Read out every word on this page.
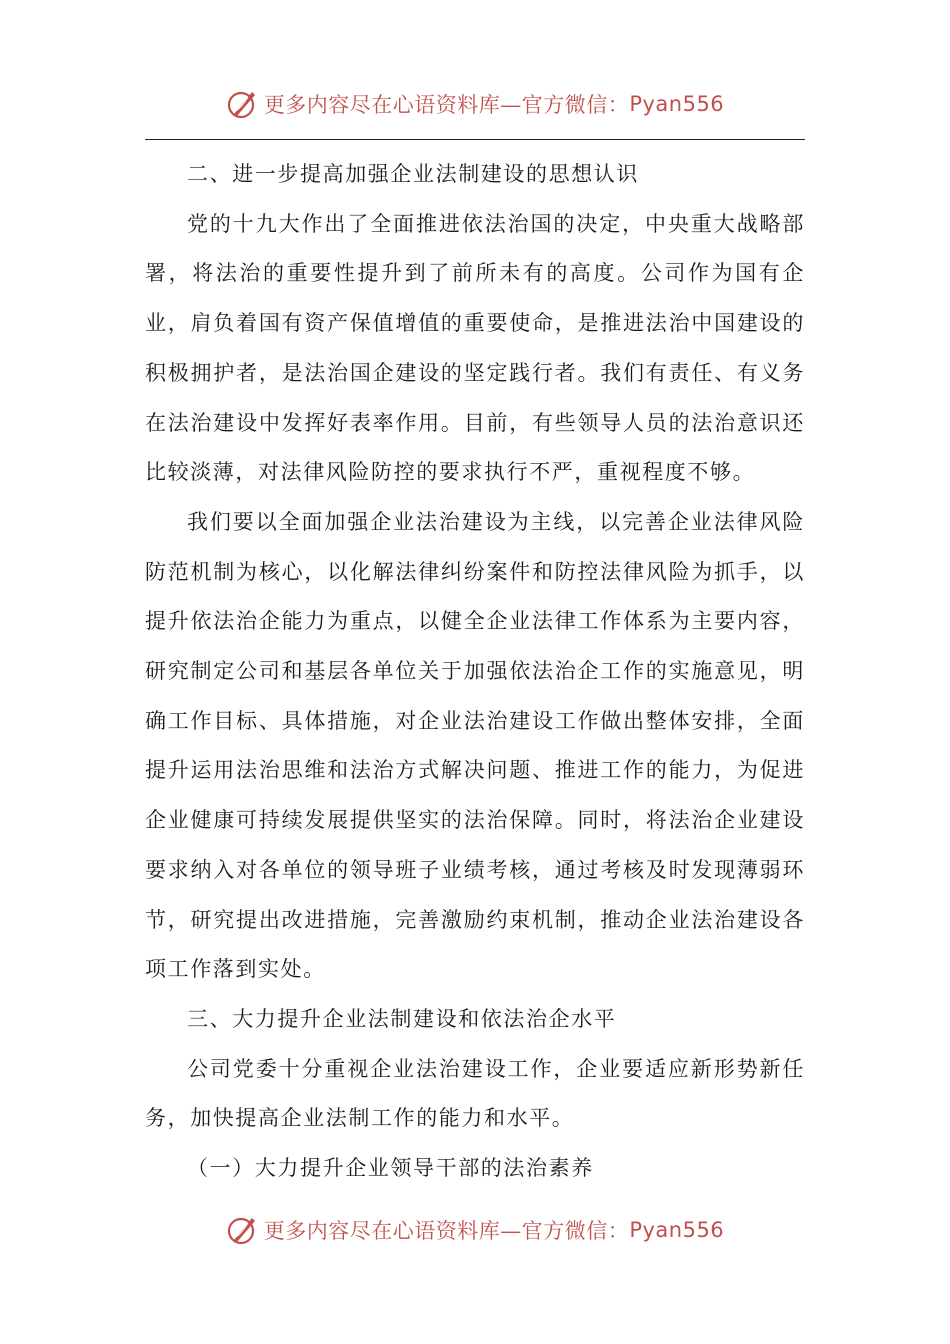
更多内容尽在心语资料库—官方微信： Pyan556

二、进一步提高加强企业法制建设的思想认识

党的十九大作出了全面推进依法治国的决定，中央重大战略部署，将法治的重要性提升到了前所未有的高度。公司作为国有企业，肩负着国有资产保值增值的重要使命，是推进法治中国建设的积极拥护者，是法治国企建设的坚定践行者。我们有责任、有义务在法治建设中发挥好表率作用。目前，有些领导人员的法治意识还比较淡薄，对法律风险防控的要求执行不严，重视程度不够。

我们要以全面加强企业法治建设为主线，以完善企业法律风险防范机制为核心，以化解法律纠纷案件和防控法律风险为抓手，以提升依法治企能力为重点，以健全企业法律工作体系为主要内容，研究制定公司和基层各单位关于加强依法治企工作的实施意见，明确工作目标、具体措施，对企业法治建设工作做出整体安排，全面提升运用法治思维和法治方式解决问题、推进工作的能力，为促进企业健康可持续发展提供坚实的法治保障。同时，将法治企业建设要求纳入对各单位的领导班子业绩考核，通过考核及时发现薄弱环节，研究提出改进措施，完善激励约束机制，推动企业法治建设各项工作落到实处。

三、大力提升企业法制建设和依法治企水平

公司党委十分重视企业法治建设工作，企业要适应新形势新任务，加快提高企业法制工作的能力和水平。

（一）大力提升企业领导干部的法治素养

更多内容尽在心语资料库—官方微信： Pyan556
